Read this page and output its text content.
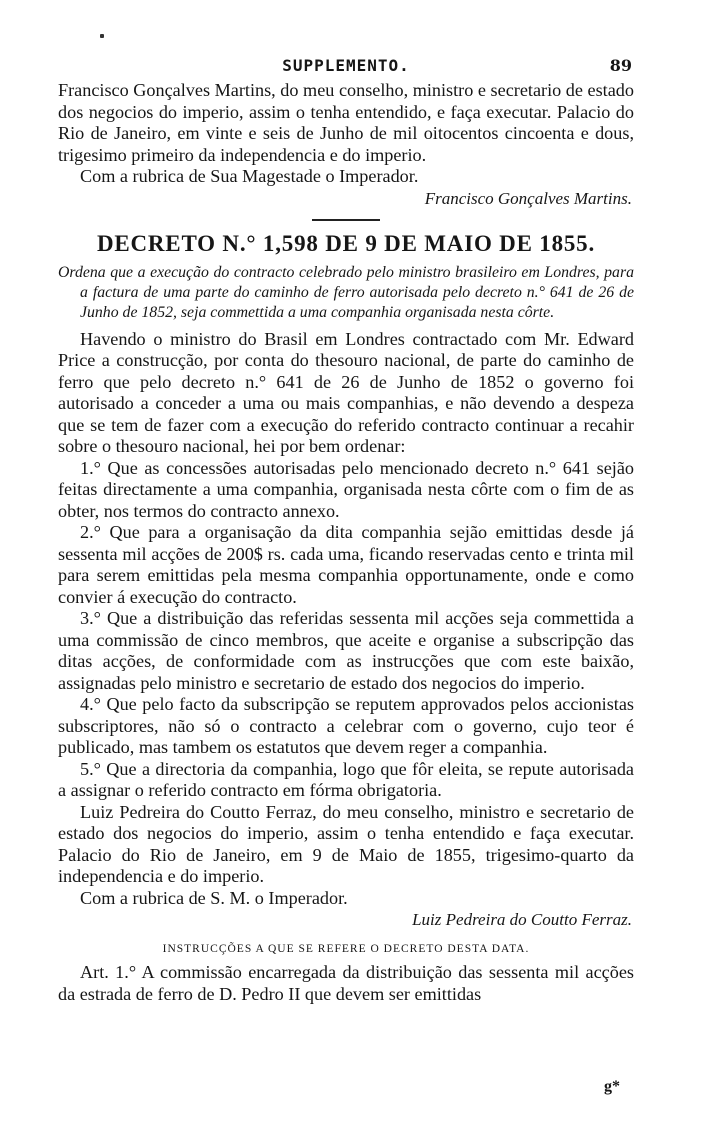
SUPPLEMENTO.	89

Francisco Gonçalves Martins, do meu conselho, ministro e secretario de estado dos negocios do imperio, assim o tenha entendido, e faça executar. Palacio do Rio de Janeiro, em vinte e seis de Junho de mil oitocentos cincoenta e dous, trigesimo primeiro da independencia e do imperio.

Com a rubrica de Sua Magestade o Imperador.

Francisco Gonçalves Martins.

DECRETO N.° 1,598 DE 9 DE MAIO DE 1855.

Ordena que a execução do contracto celebrado pelo ministro brasileiro em Londres, para a factura de uma parte do caminho de ferro autorisada pelo decreto n.° 641 de 26 de Junho de 1852, seja commettida a uma companhia organisada nesta côrte.

Havendo o ministro do Brasil em Londres contractado com Mr. Edward Price a construcção, por conta do thesouro nacional, de parte do caminho de ferro que pelo decreto n.° 641 de 26 de Junho de 1852 o governo foi autorisado a conceder a uma ou mais companhias, e não devendo a despeza que se tem de fazer com a execução do referido contracto continuar a recahir sobre o thesouro nacional, hei por bem ordenar:

1.° Que as concessões autorisadas pelo mencionado decreto n.° 641 sejão feitas directamente a uma companhia, organisada nesta côrte com o fim de as obter, nos termos do contracto annexo.

2.° Que para a organisação da dita companhia sejão emittidas desde já sessenta mil acções de 200$ rs. cada uma, ficando reservadas cento e trinta mil para serem emittidas pela mesma companhia opportunamente, onde e como convier á execução do contracto.

3.° Que a distribuição das referidas sessenta mil acções seja commettida a uma commissão de cinco membros, que aceite e organise a subscripção das ditas acções, de conformidade com as instrucções que com este baixão, assignadas pelo ministro e secretario de estado dos negocios do imperio.

4.° Que pelo facto da subscripção se reputem approvados pelos accionistas subscriptores, não só o contracto a celebrar com o governo, cujo teor é publicado, mas tambem os estatutos que devem reger a companhia.

5.° Que a directoria da companhia, logo que fôr eleita, se repute autorisada a assignar o referido contracto em fórma obrigatoria.

Luiz Pedreira do Coutto Ferraz, do meu conselho, ministro e secretario de estado dos negocios do imperio, assim o tenha entendido e faça executar. Palacio do Rio de Janeiro, em 9 de Maio de 1855, trigesimo-quarto da independencia e do imperio.

Com a rubrica de S. M. o Imperador.

Luiz Pedreira do Coutto Ferraz.

INSTRUCÇÕES A QUE SE REFERE O DECRETO DESTA DATA.

Art. 1.° A commissão encarregada da distribuição das sessenta mil acções da estrada de ferro de D. Pedro II que devem ser emittidas

g*
